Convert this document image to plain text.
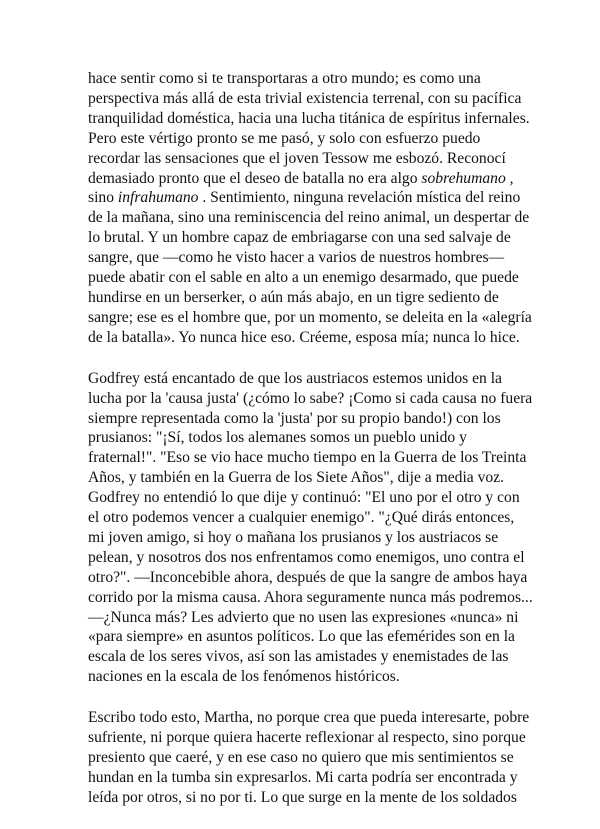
hace sentir como si te transportaras a otro mundo; es como una
perspectiva más allá de esta trivial existencia terrenal, con su pacífica
tranquilidad doméstica, hacia una lucha titánica de espíritus infernales.
Pero este vértigo pronto se me pasó, y solo con esfuerzo puedo
recordar las sensaciones que el joven Tessow me esbozó. Reconocí
demasiado pronto que el deseo de batalla no era algo sobrehumano ,
sino infrahumano . Sentimiento, ninguna revelación mística del reino
de la mañana, sino una reminiscencia del reino animal, un despertar de
lo brutal. Y un hombre capaz de embriagarse con una sed salvaje de
sangre, que —como he visto hacer a varios de nuestros hombres—
puede abatir con el sable en alto a un enemigo desarmado, que puede
hundirse en un berserker, o aún más abajo, en un tigre sediento de
sangre; ese es el hombre que, por un momento, se deleita en la «alegría
de la batalla». Yo nunca hice eso. Créeme, esposa mía; nunca lo hice.

Godfrey está encantado de que los austriacos estemos unidos en la
lucha por la 'causa justa' (¿cómo lo sabe? ¡Como si cada causa no fuera
siempre representada como la 'justa' por su propio bando!) con los
prusianos: "¡Sí, todos los alemanes somos un pueblo unido y
fraternal!". "Eso se vio hace mucho tiempo en la Guerra de los Treinta
Años, y también en la Guerra de los Siete Años", dije a media voz.
Godfrey no entendió lo que dije y continuó: "El uno por el otro y con
el otro podemos vencer a cualquier enemigo". "¿Qué dirás entonces,
mi joven amigo, si hoy o mañana los prusianos y los austriacos se
pelean, y nosotros dos nos enfrentamos como enemigos, uno contra el
otro?". —Inconcebible ahora, después de que la sangre de ambos haya
corrido por la misma causa. Ahora seguramente nunca más podremos...
—¿Nunca más? Les advierto que no usen las expresiones «nunca» ni
«para siempre» en asuntos políticos. Lo que las efemérides son en la
escala de los seres vivos, así son las amistades y enemistades de las
naciones en la escala de los fenómenos históricos.

Escribo todo esto, Martha, no porque crea que pueda interesarte, pobre
sufriente, ni porque quiera hacerte reflexionar al respecto, sino porque
presiento que caeré, y en ese caso no quiero que mis sentimientos se
hundan en la tumba sin expresarlos. Mi carta podría ser encontrada y
leída por otros, si no por ti. Lo que surge en la mente de los soldados
